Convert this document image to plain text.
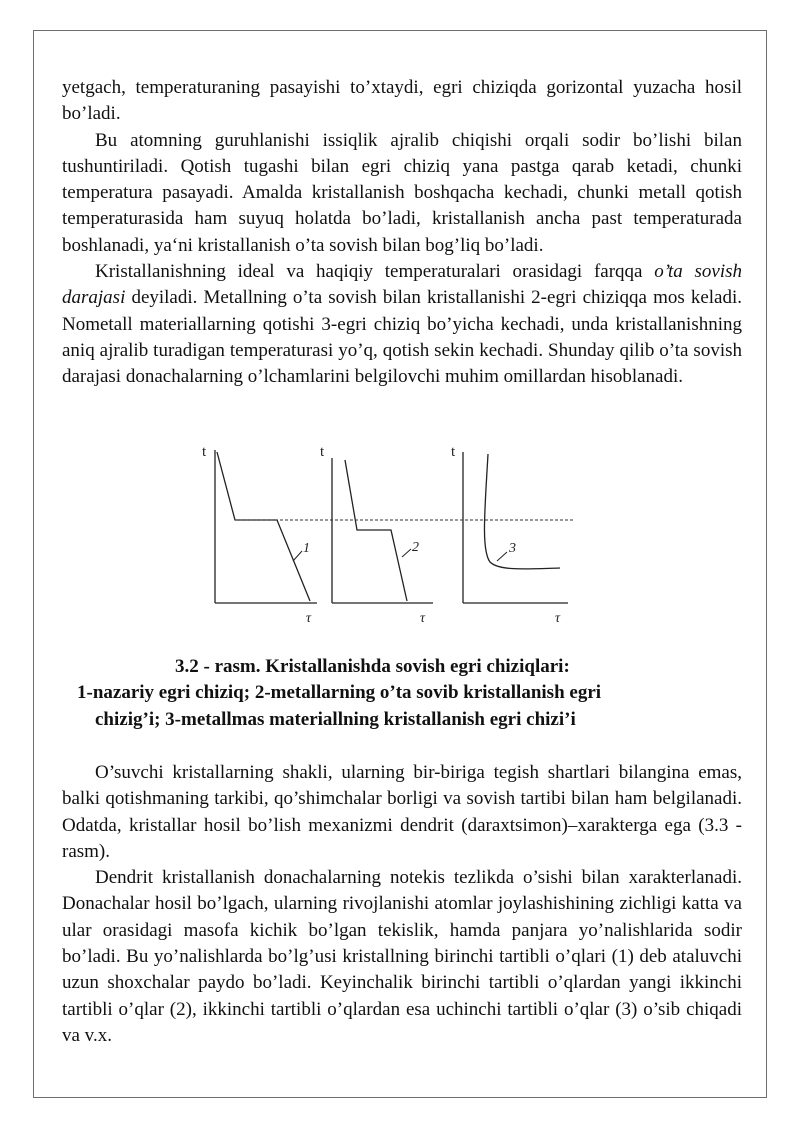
yetgach, temperaturaning pasayishi to’xtaydi, egri chiziqda gorizontal yuzacha hosil bo’ladi.

Bu atomning guruhlanishi issiqlik ajralib chiqishi orqali sodir bo’lishi bilan tushuntiriladi. Qotish tugashi bilan egri chiziq yana pastga qarab ketadi, chunki temperatura pasayadi. Amalda kristallanish boshqacha kechadi, chunki metall qotish temperaturasida ham suyuq holatda bo’ladi, kristallanish ancha past temperaturada boshlanadi, ya‘ni kristallanish o’ta sovish bilan bog’liq bo’ladi.

Kristallanishning ideal va haqiqiy temperaturalari orasidagi farqqa o’ta sovish darajasi deyiladi. Metallning o’ta sovish bilan kristallanishi 2-egri chiziqqa mos keladi. Nometall materiallarning qotishi 3-egri chiziq bo’yicha kechadi, unda kristallanishning aniq ajralib turadigan temperaturasi yo’q, qotish sekin kechadi. Shunday qilib o’ta sovish darajasi donachalarning o’lchamlarini belgilovchi muhim omillardan hisoblanadi.

t
τ
1
t
τ
2
t
τ
3
3.2 - rasm. Kristallanishda sovish egri chiziqlari:
1-nazariy egri chiziq; 2-metallarning o’ta sovib kristallanish egri
chizig’i; 3-metallmas materiallning kristallanish egri chizi’i

O’suvchi kristallarning shakli, ularning bir-biriga tegish shartlari bilangina emas, balki qotishmaning tarkibi, qo’shimchalar borligi va sovish tartibi bilan ham belgilanadi. Odatda, kristallar hosil bo’lish mexanizmi dendrit (daraxtsimon)–xarakterga ega (3.3 - rasm).

Dendrit kristallanish donachalarning notekis tezlikda o’sishi bilan xarakterlanadi. Donachalar hosil bo’lgach, ularning rivojlanishi atomlar joylashishining zichligi katta va ular orasidagi masofa kichik bo’lgan tekislik, hamda panjara yo’nalishlarida sodir bo’ladi. Bu yo’nalishlarda bo’lg’usi kristallning birinchi tartibli o’qlari (1) deb ataluvchi uzun shoxchalar paydo bo’ladi. Keyinchalik birinchi tartibli o’qlardan yangi ikkinchi tartibli o’qlar (2), ikkinchi tartibli o’qlardan esa uchinchi tartibli o’qlar (3) o’sib chiqadi va v.x.
